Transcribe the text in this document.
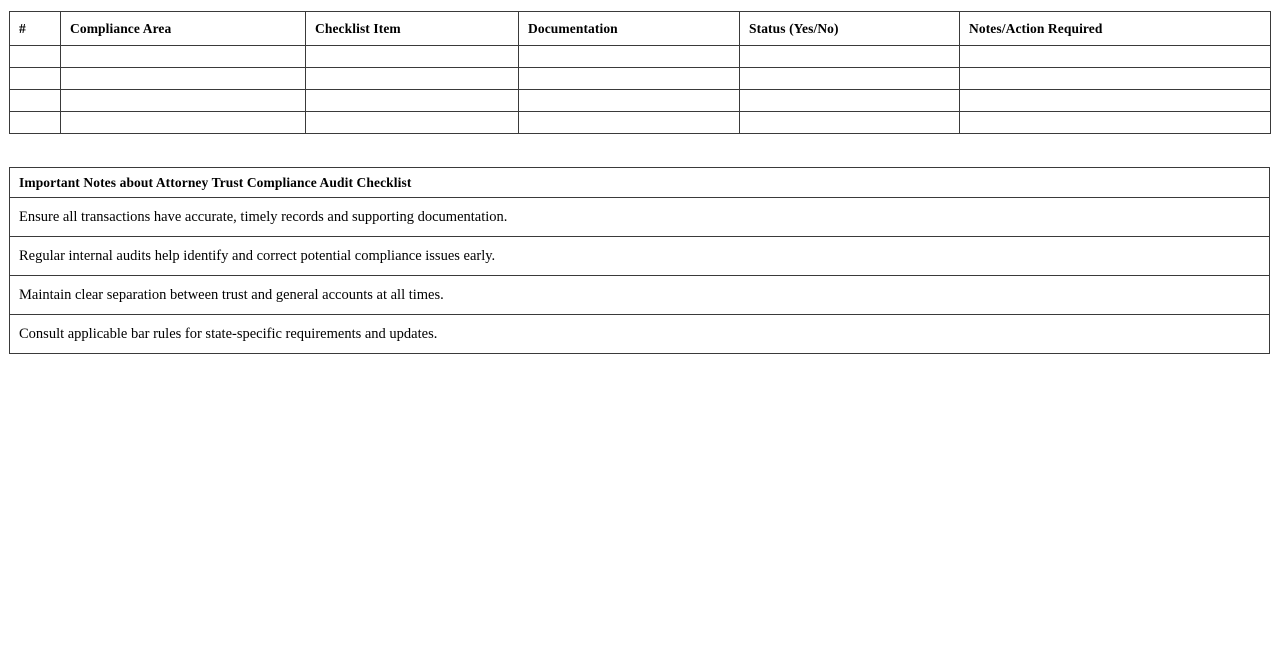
#	Compliance Area	Checklist Item	Documentation	Status (Yes/No)	Notes/Action Required

Important Notes about Attorney Trust Compliance Audit Checklist
Ensure all transactions have accurate, timely records and supporting documentation.
Regular internal audits help identify and correct potential compliance issues early.
Maintain clear separation between trust and general accounts at all times.
Consult applicable bar rules for state-specific requirements and updates.
